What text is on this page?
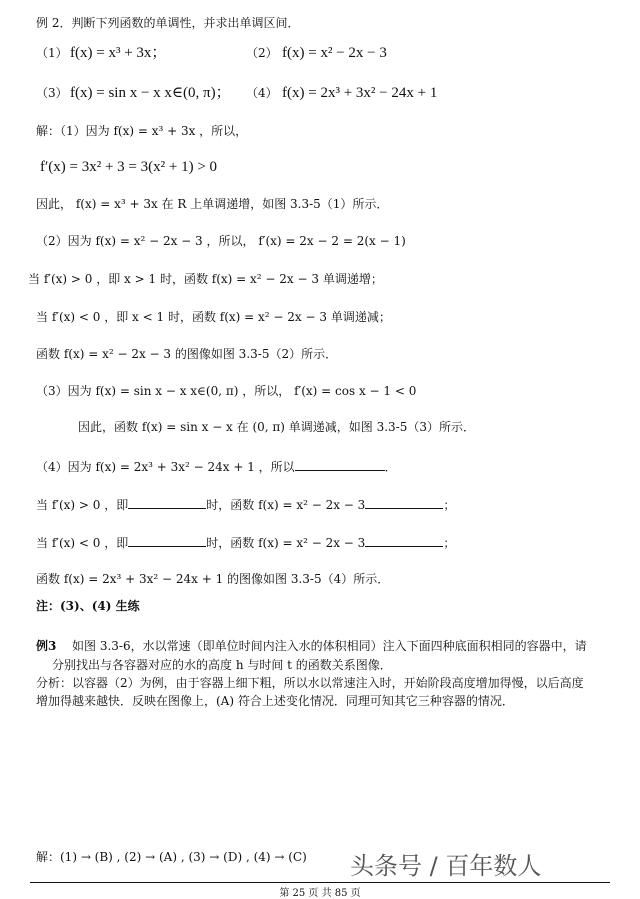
例 2．判断下列函数的单调性，并求出单调区间．
（1） f(x) = x³ + 3x；	（2） f(x) = x² − 2x − 3
（3） f(x) = sin x − x x∈(0, π)； （4） f(x) = 2x³ + 3x² − 24x + 1
解：（1）因为 f(x) = x³ + 3x ，所以，
f′(x) = 3x² + 3 = 3(x² + 1) > 0
因此， f(x) = x³ + 3x 在 R 上单调递增，如图 3.3-5（1）所示．
（2）因为 f(x) = x² − 2x − 3 ，所以， f′(x) = 2x − 2 = 2(x − 1)
当 f′(x) > 0 ，即 x > 1 时，函数 f(x) = x² − 2x − 3 单调递增；
当 f′(x) < 0 ，即 x < 1 时，函数 f(x) = x² − 2x − 3 单调递减；
函数 f(x) = x² − 2x − 3 的图像如图 3.3-5（2）所示．
（3）因为 f(x) = sin x − x x∈(0, π) ，所以， f′(x) = cos x − 1 < 0
因此，函数 f(x) = sin x − x 在 (0, π) 单调递减，如图 3.3-5（3）所示．
（4）因为 f(x) = 2x³ + 3x² − 24x + 1 ，所以	．
当 f′(x) > 0 ，即	时，函数 f(x) = x² − 2x − 3	；
当 f′(x) < 0 ，即	时，函数 f(x) = x² − 2x − 3	；
函数 f(x) = 2x³ + 3x² − 24x + 1 的图像如图 3.3-5（4）所示．
注：(3)、(4) 生练
例3 如图 3.3-6，水以常速（即单位时间内注入水的体积相同）注入下面四种底面积相同的容器中，请
分别找出与各容器对应的水的高度 h 与时间 t 的函数关系图像．
分析：以容器（2）为例，由于容器上细下粗，所以水以常速注入时，开始阶段高度增加得慢，以后高度
增加得越来越快．反映在图像上，(A) 符合上述变化情况．同理可知其它三种容器的情况．
解：(1) → (B) , (2) → (A) , (3) → (D) , (4) → (C) 头条号 / 百年数人
第 25 页 共 85 页
